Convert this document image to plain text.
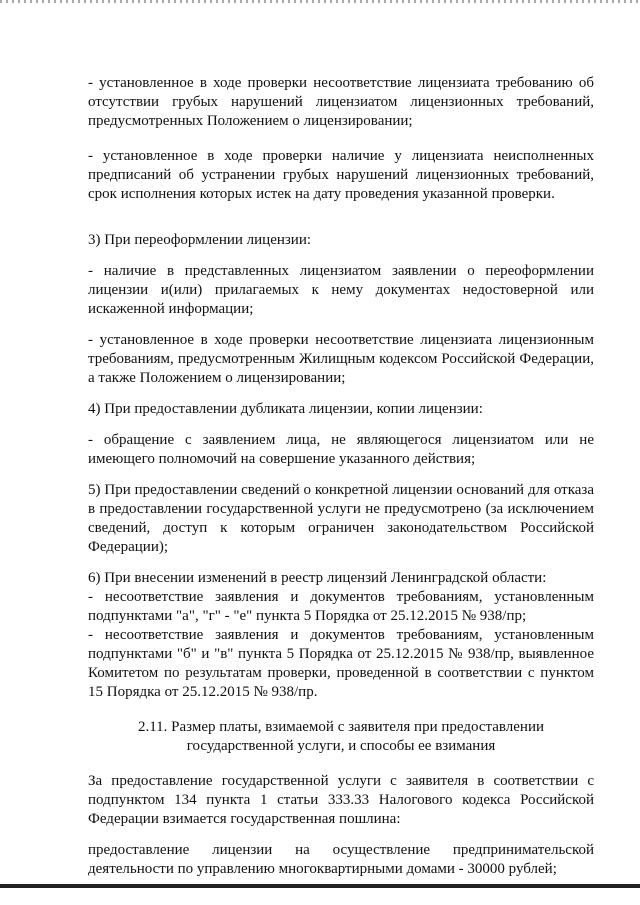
- установленное в ходе проверки несоответствие лицензиата требованию об отсутствии грубых нарушений лицензиатом лицензионных требований, предусмотренных Положением о лицензировании;

- установленное в ходе проверки наличие у лицензиата неисполненных предписаний об устранении грубых нарушений лицензионных требований, срок исполнения которых истек на дату проведения указанной проверки.

3) При переоформлении лицензии:

- наличие в представленных лицензиатом заявлении о переоформлении лицензии и(или) прилагаемых к нему документах недостоверной или искаженной информации;

- установленное в ходе проверки несоответствие лицензиата лицензионным требованиям, предусмотренным Жилищным кодексом Российской Федерации, а также Положением о лицензировании;

4) При предоставлении дубликата лицензии, копии лицензии:

- обращение с заявлением лица, не являющегося лицензиатом или не имеющего полномочий на совершение указанного действия;

5) При предоставлении сведений о конкретной лицензии оснований для отказа в предоставлении государственной услуги не предусмотрено (за исключением сведений, доступ к которым ограничен законодательством Российской Федерации);

6) При внесении изменений в реестр лицензий Ленинградской области:

- несоответствие заявления и документов требованиям, установленным подпунктами "а", "г" - "е" пункта 5 Порядка от 25.12.2015 № 938/пр;

- несоответствие заявления и документов требованиям, установленным подпунктами "б" и "в" пункта 5 Порядка от 25.12.2015 № 938/пр, выявленное Комитетом по результатам проверки, проведенной в соответствии с пунктом 15 Порядка от 25.12.2015 № 938/пр.

2.11. Размер платы, взимаемой с заявителя при предоставлении государственной услуги, и способы ее взимания

За предоставление государственной услуги с заявителя в соответствии с подпунктом 134 пункта 1 статьи 333.33 Налогового кодекса Российской Федерации взимается государственная пошлина:

предоставление лицензии на осуществление предпринимательской деятельности по управлению многоквартирными домами - 30000 рублей;
